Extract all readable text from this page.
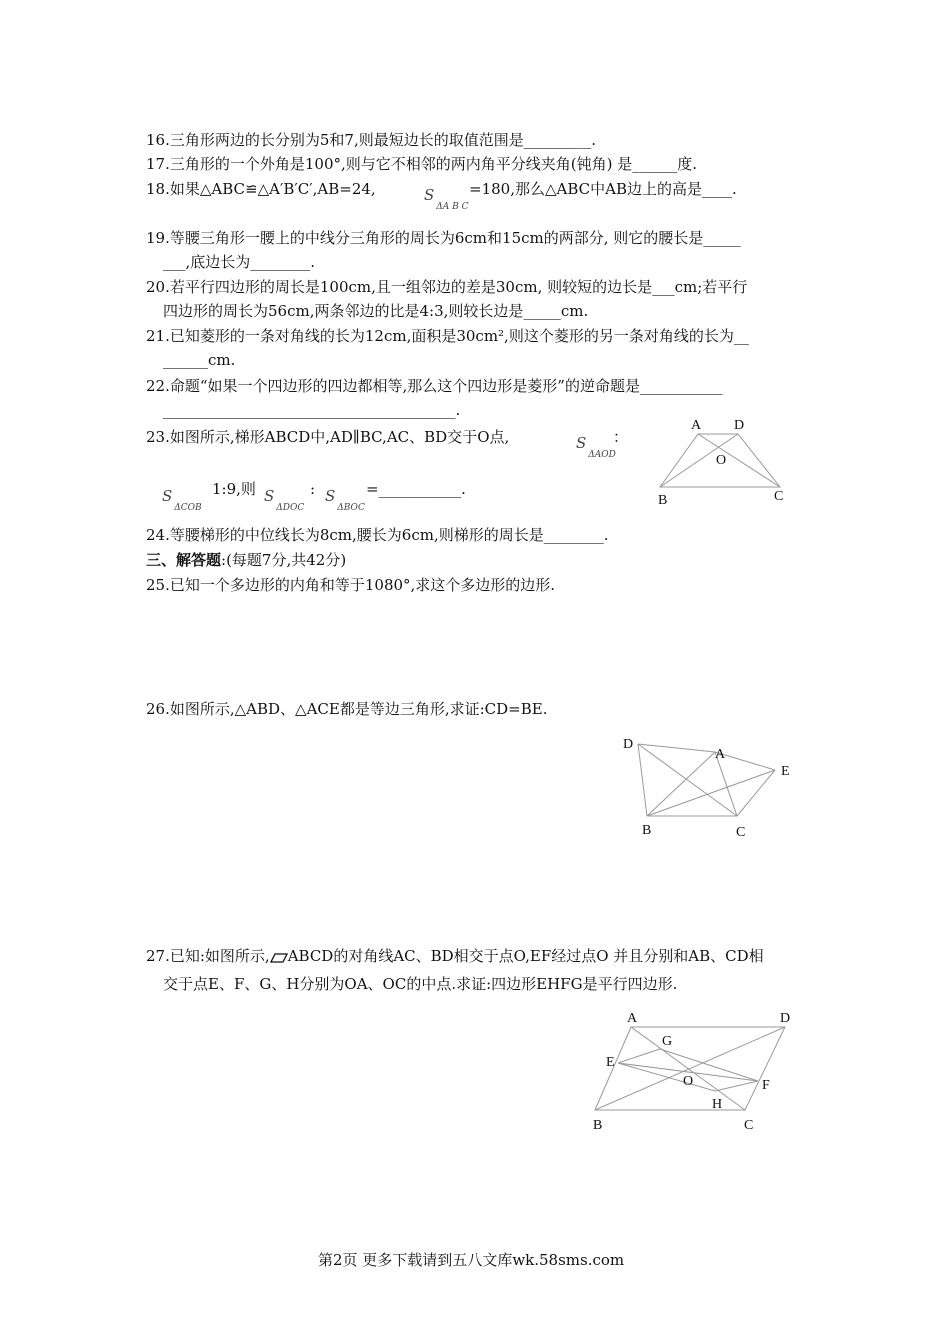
16.三角形两边的长分别为5和7,则最短边长的取值范围是_________.
17.三角形的一个外角是100°,则与它不相邻的两内角平分线夹角(钝角) 是______度.
18.如果△ABC≌△A′B′C′,AB=24,	$S_{\Delta A B C}$
=180,那么△ABC中AB边上的高是____.
19.等腰三角形一腰上的中线分三角形的周长为6cm和15cm的两部分, 则它的腰长是_____
___,底边长为________.
20.若平行四边形的周长是100cm,且一组邻边的差是30cm, 则较短的边长是___cm;若平行
四边形的周长为56cm,两条邻边的比是4:3,则较长边是_____cm.
21.已知菱形的一条对角线的长为12cm,面积是30cm²,则这个菱形的另一条对角线的长为__
______cm.
22.命题“如果一个四边形的四边都相等,那么这个四边形是菱形”的逆命题是___________
_______________________________________.
23.如图所示,梯形ABCD中,AD∥BC,AC、BD交于O点,	$S_{\Delta AOD}$
：
$S_{\Delta COB}$
1:9,则 $S_{\Delta DOC}$
: $S_{\Delta BOC}$
=___________.
A D
O
B	C
24.等腰梯形的中位线长为8cm,腰长为6cm,则梯形的周长是________.
三、解答题:(每题7分,共42分)
25.已知一个多边形的内角和等于1080°,求这个多边形的边形.
26.如图所示,△ABD、△ACE都是等边三角形,求证:CD=BE.
D
A
E
B	C
27.已知:如图所示, ABCD的对角线AC、BD相交于点O,EF经过点O 并且分别和AB、CD相
交于点E、F、G、H分别为OA、OC的中点.求证:四边形EHFG是平行四边形.
A	D
G
E
O	F
H
B	C
第2页 更多下载请到五八文库wk.58sms.com
